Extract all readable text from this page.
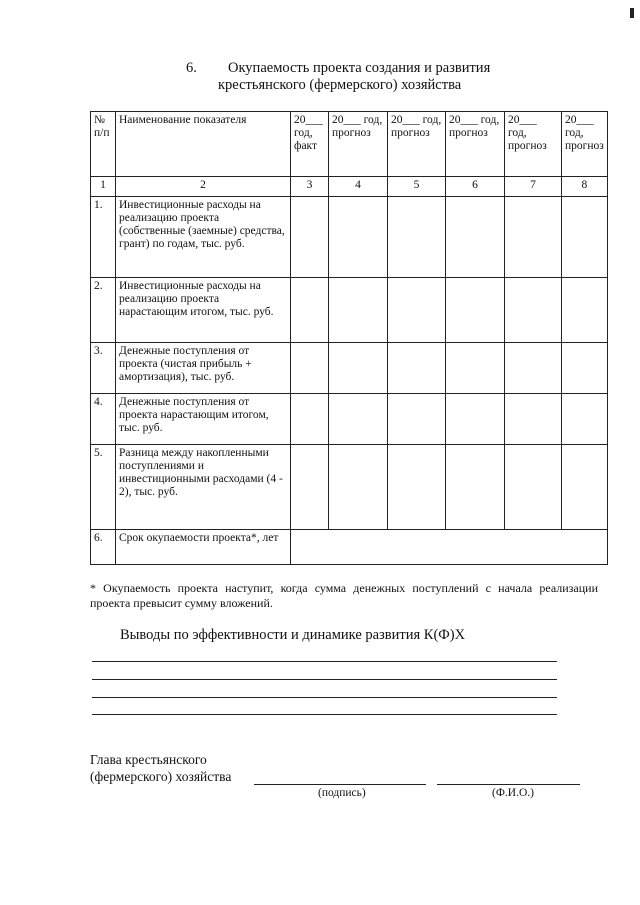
6. Окупаемость проекта создания и развития
крестьянского (фермерского) хозяйства
№ п/п	Наименование показателя	20___ год, факт	20___ год, прогноз	20___ год, прогноз	20___ год, прогноз	20___ год, прогноз	20___ год, прогноз
1	2	3	4	5	6	7	8
1.	Инвестиционные расходы на реализацию проекта (собственные (заемные) средства, грант) по годам, тыс. руб.						
2.	Инвестиционные расходы на реализацию проекта нарастающим итогом, тыс. руб.						
3.	Денежные поступления от проекта (чистая прибыль + амортизация), тыс. руб.						
4.	Денежные поступления от проекта нарастающим итогом, тыс. руб.						
5.	Разница между накопленными поступлениями и инвестиционными расходами (4 - 2), тыс. руб.						
6.	Срок окупаемости проекта*, лет						
* Окупаемость проекта наступит, когда сумма денежных поступлений с начала реализации проекта превысит сумму вложений.
Выводы по эффективности и динамике развития К(Ф)Х
Глава крестьянского
(фермерского) хозяйства
(подпись)	(Ф.И.О.)
